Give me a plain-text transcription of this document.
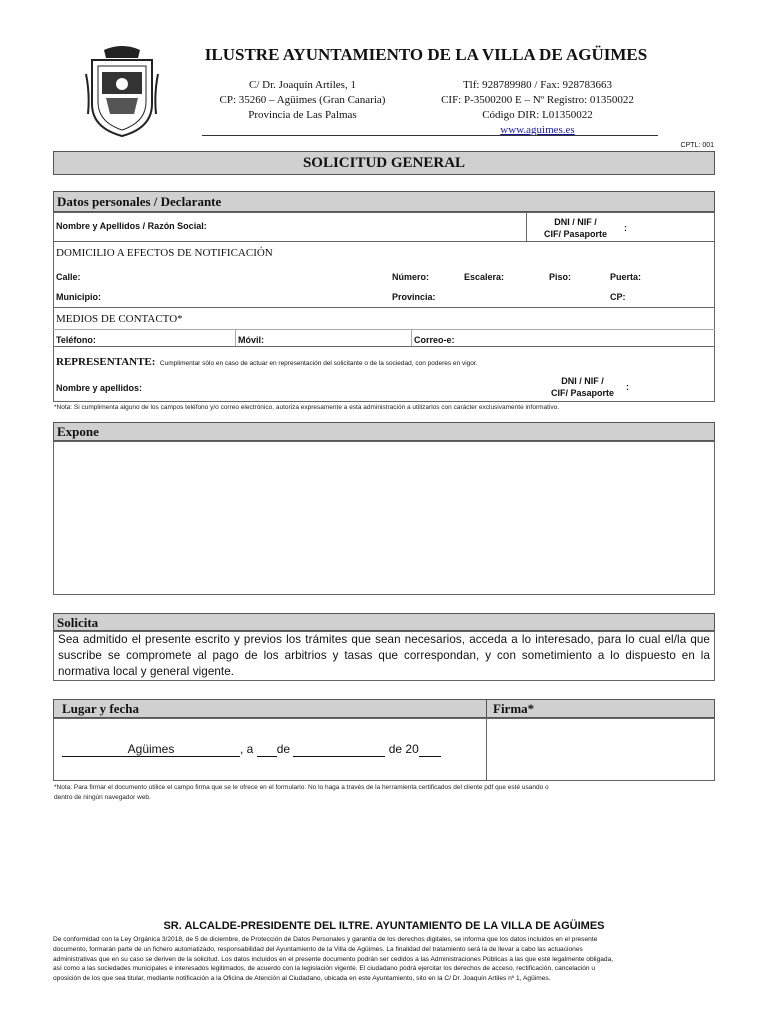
ILUSTRE AYUNTAMIENTO DE LA VILLA DE AGÜIMES
C/ Dr. Joaquín Artiles, 1
CP: 35260 – Agüimes (Gran Canaria)
Provincia de Las Palmas
Tlf: 928789980 / Fax: 928783663
CIF: P-3500200 E – Nº Registro: 01350022
Código DIR: L01350022
www.aguimes.es
CPTL: 001
SOLICITUD GENERAL
Datos personales / Declarante
Nombre y Apellidos / Razón Social:	DNI / NIF /
CIF/ Pasaporte
:
DOMICILIO A EFECTOS DE NOTIFICACIÓN
Calle:	Número:	Escalera:	Piso:	Puerta:
Municipio:	Provincia:	CP:
MEDIOS DE CONTACTO*
Teléfono:	Móvil:	Correo-e:
REPRESENTANTE: Cumplimentar sólo en caso de actuar en representación del solicitante o de la sociedad, con poderes en vigor.
Nombre y apellidos:
DNI / NIF /
CIF/ Pasaporte
:
*Nota: Si cumplimenta alguno de los campos teléfono y/o correo electrónico, autoriza expresamente a esta administración a utilizarlos con carácter exclusivamente informativo.
Expone
Solicita
Sea admitido el presente escrito y previos los trámites que sean necesarios, acceda a lo interesado, para lo cual el/la que suscribe se compromete al pago de los arbitrios y tasas que correspondan, y con sometimiento a lo dispuesto en la normativa local y general vigente.
Lugar y fecha	Firma*
Agüimes	, a de	de 20
*Nota: Para firmar el documento utilice el campo firma que se le ofrece en el formulario. No lo haga a través de la herramienta certificados del cliente pdf que esté usando o
dentro de ningún navegador web.
SR. ALCALDE-PRESIDENTE DEL ILTRE. AYUNTAMIENTO DE LA VILLA DE AGÜIMES
De conformidad con la Ley Orgánica 3/2018, de 5 de diciembre, de Protección de Datos Personales y garantía de los derechos digitales, se informa que los datos incluidos en el presente
documento, formarán parte de un fichero automatizado, responsabilidad del Ayuntamiento de la Villa de Agüimes. La finalidad del tratamiento será la de llevar a cabo las actuaciones
administrativas que en su caso se deriven de la solicitud. Los datos incluidos en el presente documento podrán ser cedidos a las Administraciones Públicas a las que esté legalmente obligada,
así como a las sociedades municipales e interesados legitimados, de acuerdo con la legislación vigente. El ciudadano podrá ejercitar los derechos de acceso, rectificación, cancelación u
oposición de los que sea titular, mediante notificación a la Oficina de Atención al Ciudadano, ubicada en este Ayuntamiento, sito en la C/ Dr. Joaquín Artiles nº 1, Agüimes.
